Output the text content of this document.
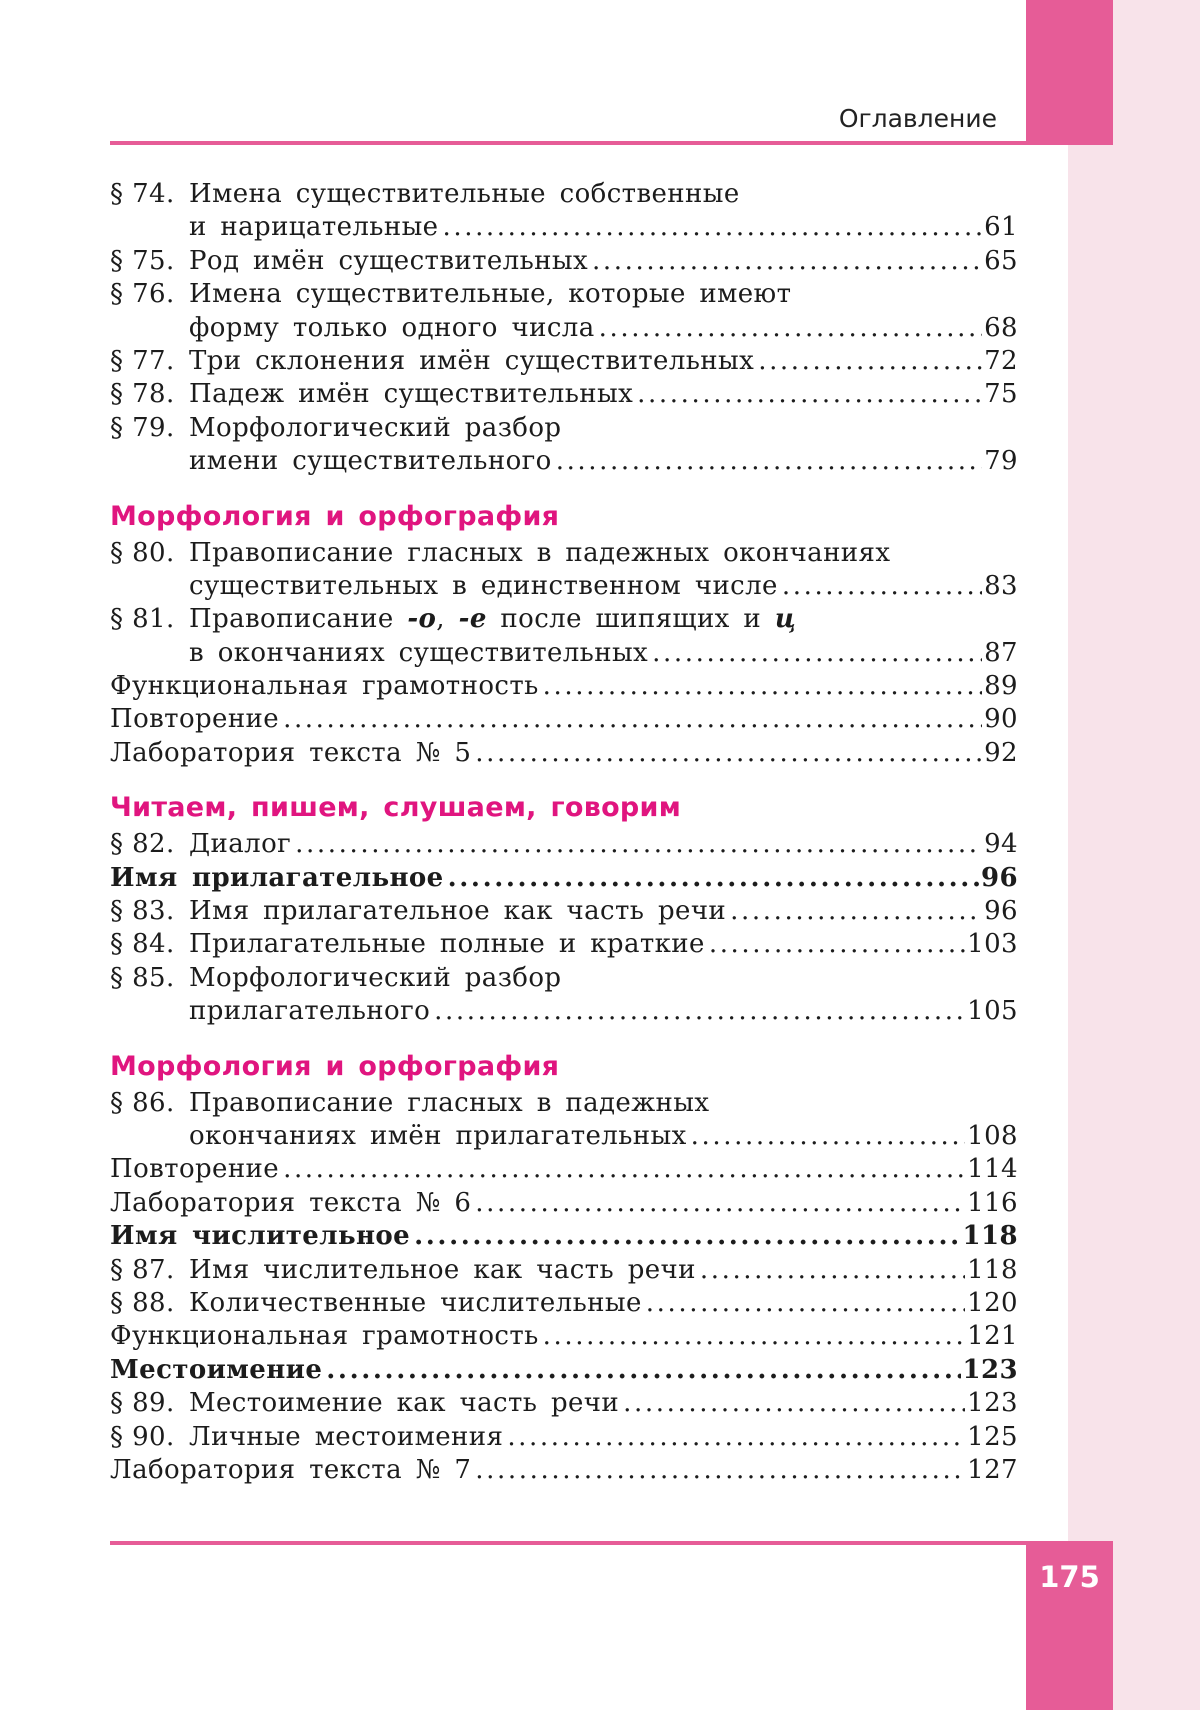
175
Оглавление
§ 74. Имена существительные собственные
и нарицательные .....	61
§ 75. Род имён существительных .....	65
§ 76. Имена существительные, которые имеют
форму только одного числа .....	68
§ 77. Три склонения имён существительных .....	72
§ 78. Падеж имён существительных .....	75
§ 79. Морфологический разбор
имени существительного .....	79
Морфология и орфография
§ 80. Правописание гласных в падежных окончаниях
существительных в единственном числе .....	83
§ 81. Правописание -о, -е после шипящих и ц
в окончаниях существительных .....	87
Функциональная грамотность .....	89
Повторение .....	90
Лаборатория текста № 5 .....	92
Читаем, пишем, слушаем, говорим
§ 82. Диалог .....	94
Имя прилагательное .....	96
§ 83. Имя прилагательное как часть речи .....	96
§ 84. Прилагательные полные и краткие .....	103
§ 85. Морфологический разбор
прилагательного .....	105
Морфология и орфография
§ 86. Правописание гласных в падежных
окончаниях имён прилагательных .....	108
Повторение .....	114
Лаборатория текста № 6 .....	116
Имя числительное .....	118
§ 87. Имя числительное как часть речи .....	118
§ 88. Количественные числительные .....	120
Функциональная грамотность .....	121
Местоимение .....	123
§ 89. Местоимение как часть речи .....	123
§ 90. Личные местоимения .....	125
Лаборатория текста № 7 .....	127
